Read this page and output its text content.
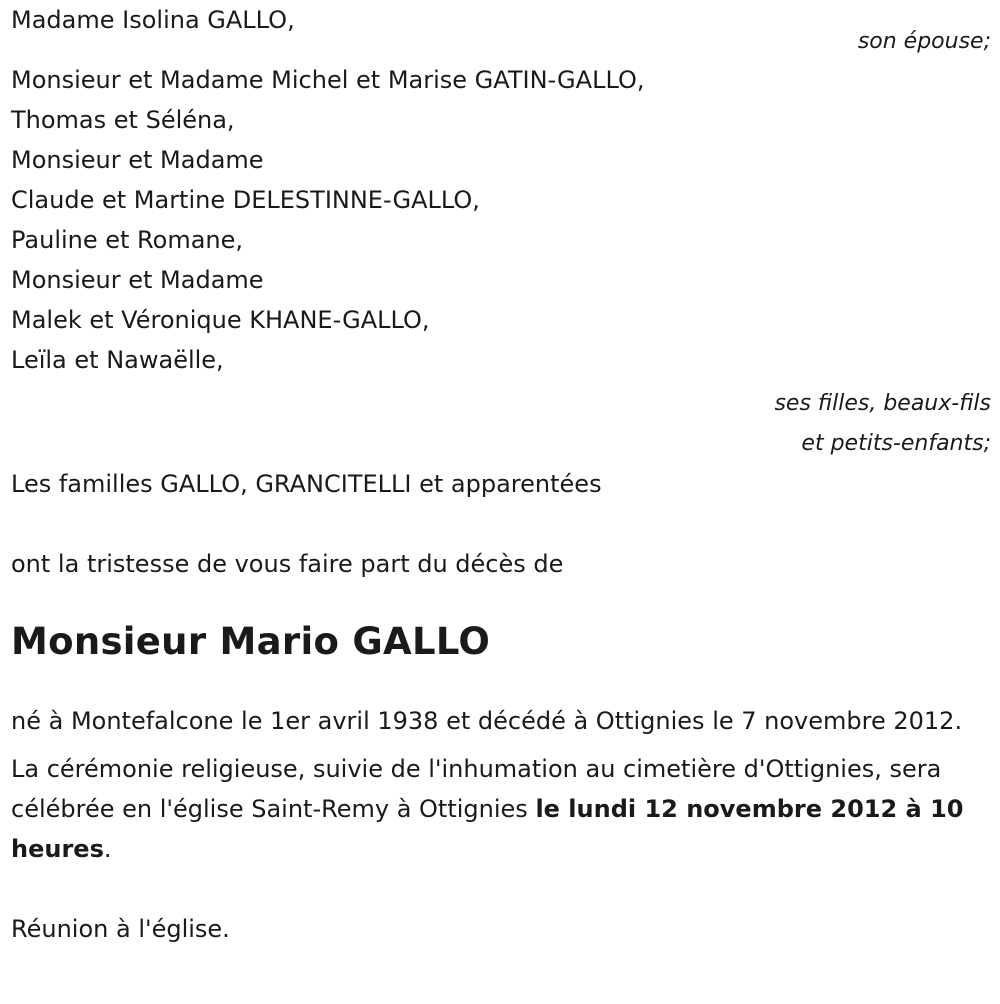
Madame Isolina GALLO,
son épouse;
Monsieur et Madame Michel et Marise GATIN-GALLO,
Thomas et Séléna,
Monsieur et Madame
Claude et Martine DELESTINNE-GALLO,
Pauline et Romane,
Monsieur et Madame
Malek et Véronique KHANE-GALLO,
Leïla et Nawaëlle,
ses filles, beaux-fils
et petits-enfants;
Les familles GALLO, GRANCITELLI et apparentées
ont la tristesse de vous faire part du décès de
Monsieur Mario GALLO
né à Montefalcone le 1er avril 1938 et décédé à Ottignies le 7 novembre 2012.
La cérémonie religieuse, suivie de l'inhumation au cimetière d'Ottignies, sera célébrée en l'église Saint-Remy à Ottignies le lundi 12 novembre 2012 à 10 heures.
Réunion à l'église.
